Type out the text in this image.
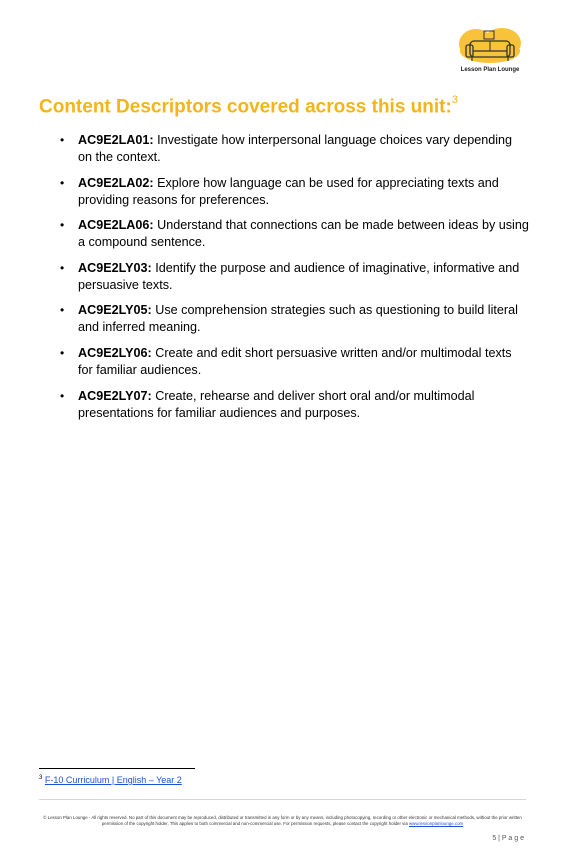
Lesson Plan Lounge
Content Descriptors covered across this unit:$^3$
• AC9E2LA01: Investigate how interpersonal language choices vary depending on the context.
• AC9E2LA02: Explore how language can be used for appreciating texts and providing reasons for preferences.
• AC9E2LA06: Understand that connections can be made between ideas by using a compound sentence.
• AC9E2LY03: Identify the purpose and audience of imaginative, informative and persuasive texts.
• AC9E2LY05: Use comprehension strategies such as questioning to build literal and inferred meaning.
• AC9E2LY06: Create and edit short persuasive written and/or multimodal texts for familiar audiences.
• AC9E2LY07: Create, rehearse and deliver short oral and/or multimodal presentations for familiar audiences and purposes.
$^3$ F-10 Curriculum | English – Year 2
© Lesson Plan Lounge - All rights reserved. No part of this document may be reproduced, distributed or transmitted in any form or by any means, including photocopying, recording or other electronic or mechanical methods, without the prior written permission of the copyright holder. This applies to both commercial and non-commercial use. For permission requests, please contact the copyright holder via www.lessonplanlounge.com
5 | P a g e
